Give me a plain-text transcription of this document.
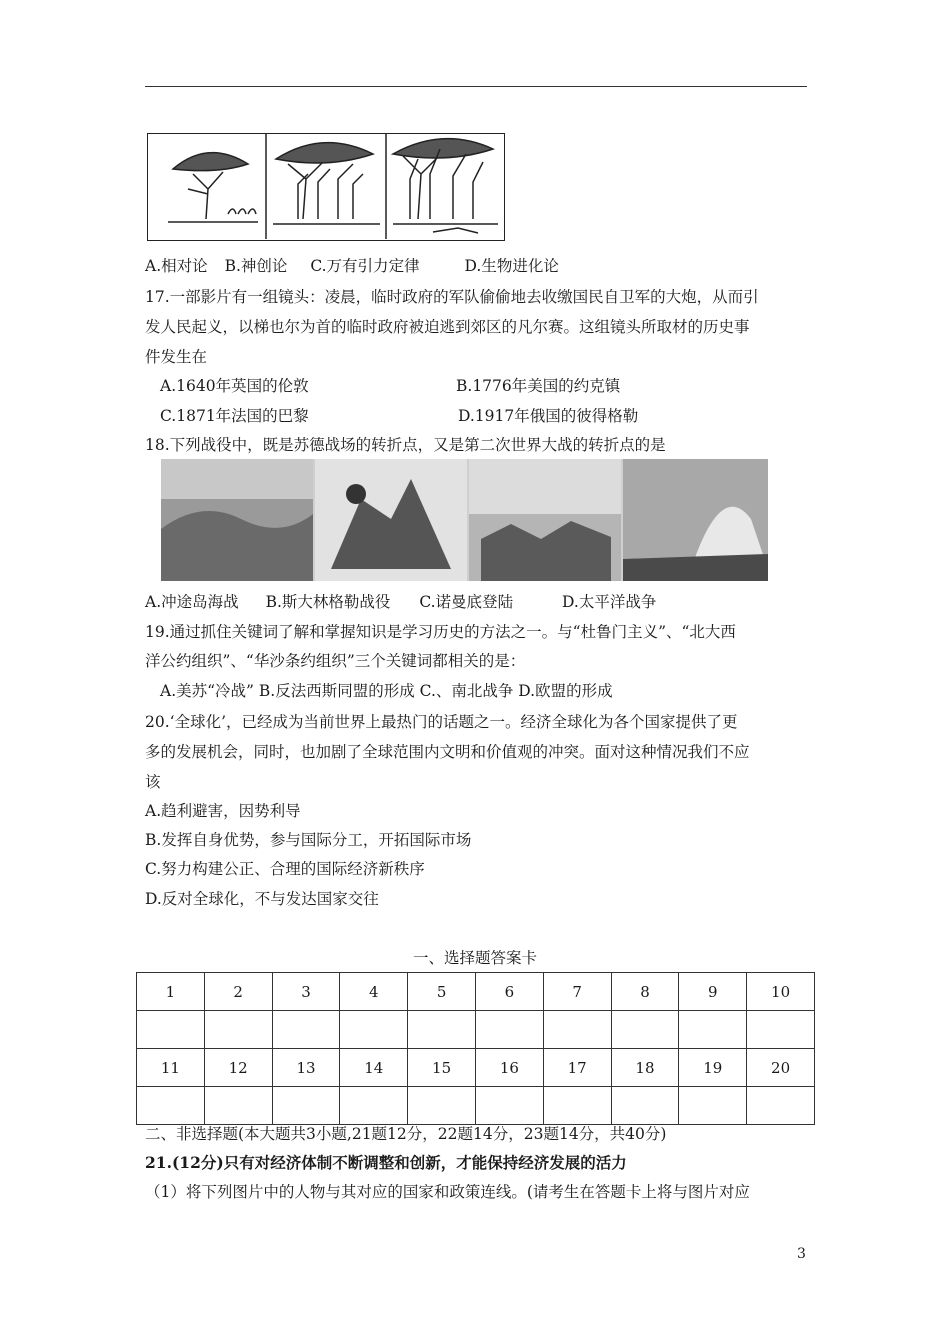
A.相对论 B.神创论 C.万有引力定律	D.生物进化论
17.一部影片有一组镜头：凌晨，临时政府的军队偷偷地去收缴国民自卫军的大炮，从而引
发人民起义，以梯也尔为首的临时政府被迫逃到郊区的凡尔赛。这组镜头所取材的历史事
件发生在
A.1640年英国的伦敦	B.1776年美国的约克镇
C.1871年法国的巴黎	D.1917年俄国的彼得格勒
18.下列战役中，既是苏德战场的转折点，又是第二次世界大战的转折点的是
A.冲途岛海战 B.斯大林格勒战役 C.诺曼底登陆	D.太平洋战争
19.通过抓住关键词了解和掌握知识是学习历史的方法之一。与“杜鲁门主义”、“北大西
洋公约组织”、“华沙条约组织”三个关键词都相关的是：
A.美苏“冷战” B.反法西斯同盟的形成 C.、南北战争 D.欧盟的形成
20.‘全球化’，已经成为当前世界上最热门的话题之一。经济全球化为各个国家提供了更
多的发展机会，同时，也加剧了全球范围内文明和价值观的冲突。面对这种情况我们不应
该
A.趋利避害，因势利导
B.发挥自身优势，参与国际分工，开拓国际市场
C.努力构建公正、合理的国际经济新秩序
D.反对全球化，不与发达国家交往
一、选择题答案卡
1	2	3	4	5	6	7	8	9	10

11	12	13	14	15	16	17	18	19	20

二、非选择题(本大题共3小题,21题12分，22题14分，23题14分，共40分)
21.(12分)只有对经济体制不断调整和创新，才能保持经济发展的活力
（1）将下列图片中的人物与其对应的国家和政策连线。(请考生在答题卡上将与图片对应
3
